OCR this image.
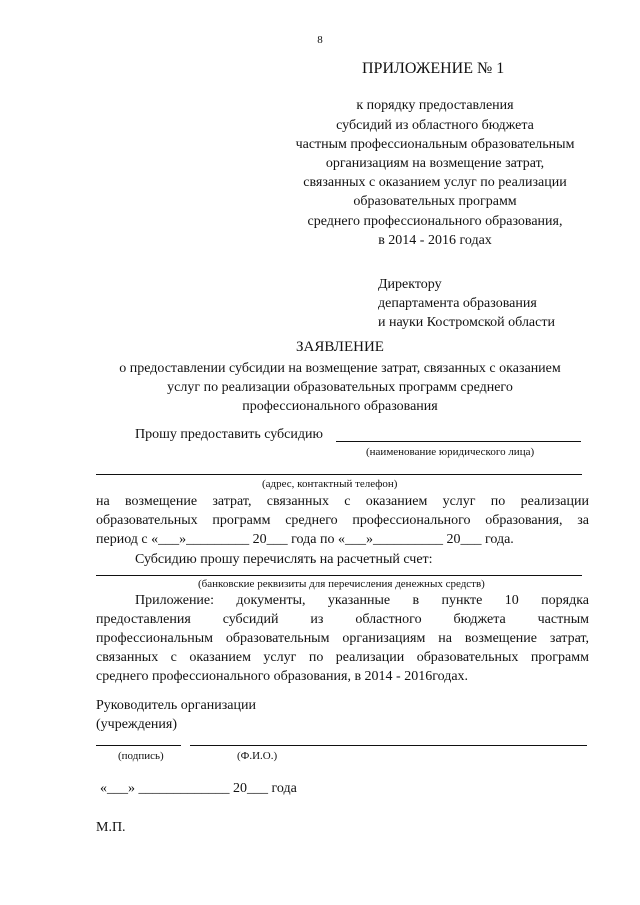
8
ПРИЛОЖЕНИЕ № 1
к порядку предоставления
субсидий из областного бюджета
частным профессиональным образовательным
организациям на возмещение затрат,
связанных с оказанием услуг по реализации
образовательных программ
среднего профессионального образования,
в 2014 - 2016 годах
Директору
департамента образования
и науки Костромской области
ЗАЯВЛЕНИЕ
о предоставлении субсидии на возмещение затрат, связанных с оказанием
услуг по реализации образовательных программ среднего
профессионального образования
Прошу предоставить субсидию
(наименование юридического лица)
(адрес, контактный телефон)
на возмещение затрат, связанных с оказанием услуг по реализации
образовательных программ среднего профессионального образования, за
период с «___»_________ 20___ года по «___»__________ 20___ года.
Субсидию прошу перечислять на расчетный счет:
(банковские реквизиты для перечисления денежных средств)
Приложение: документы, указанные в пункте 10 порядка
предоставления субсидий из областного бюджета частным
профессиональным образовательным организациям на возмещение затрат,
связанных с оказанием услуг по реализации образовательных программ
среднего профессионального образования, в 2014 - 2016годах.
Руководитель организации
(учреждения)
(подпись)	(Ф.И.О.)
«___» _____________ 20___ года
М.П.
